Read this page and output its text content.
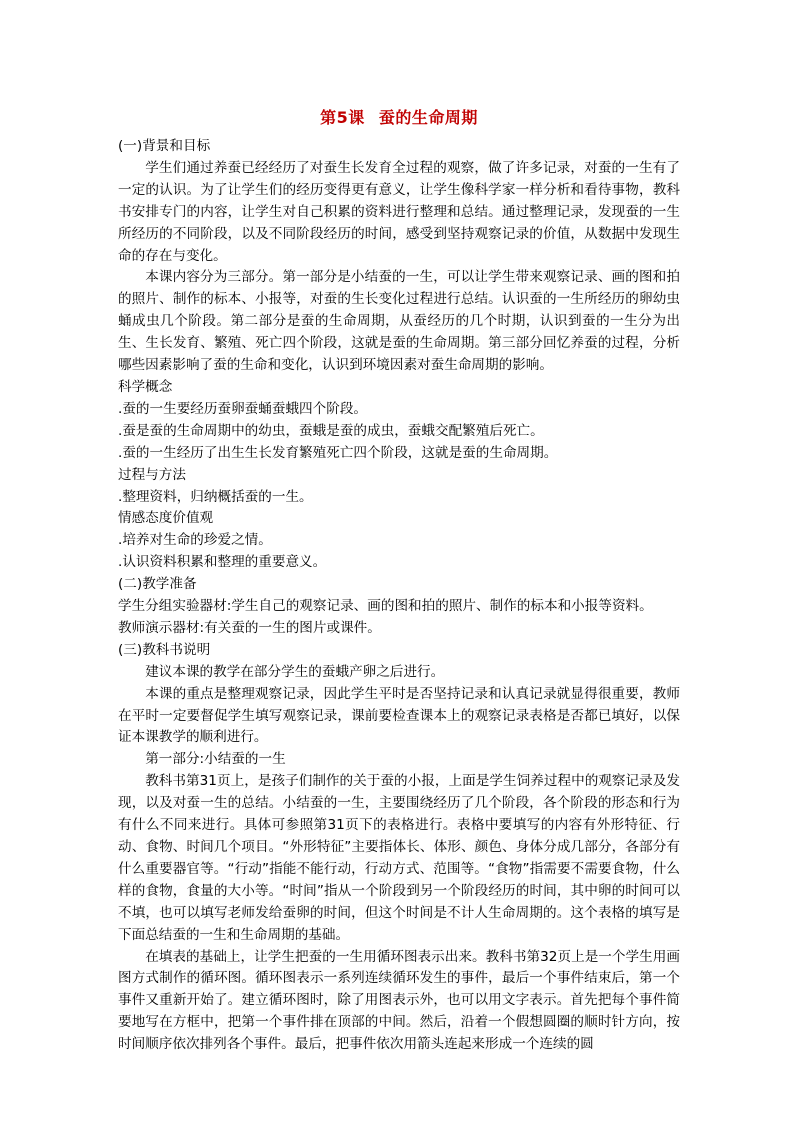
第5课 蚕的生命周期

(一)背景和目标

学生们通过养蚕已经经历了对蚕生长发育全过程的观察，做了许多记录，对蚕的一生有了一定的认识。为了让学生们的经历变得更有意义，让学生像科学家一样分析和看待事物，教科书安排专门的内容，让学生对自己积累的资料进行整理和总结。通过整理记录，发现蚕的一生所经历的不同阶段，以及不同阶段经历的时间，感受到坚持观察记录的价值，从数据中发现生命的存在与变化。

本课内容分为三部分。第一部分是小结蚕的一生，可以让学生带来观察记录、画的图和拍的照片、制作的标本、小报等，对蚕的生长变化过程进行总结。认识蚕的一生所经历的卵幼虫蛹成虫几个阶段。第二部分是蚕的生命周期，从蚕经历的几个时期，认识到蚕的一生分为出生、生长发育、繁殖、死亡四个阶段，这就是蚕的生命周期。第三部分回忆养蚕的过程，分析哪些因素影响了蚕的生命和变化，认识到环境因素对蚕生命周期的影响。

科学概念

.蚕的一生要经历蚕卵蚕蛹蚕蛾四个阶段。

.蚕是蚕的生命周期中的幼虫，蚕蛾是蚕的成虫，蚕蛾交配繁殖后死亡。

.蚕的一生经历了出生生长发育繁殖死亡四个阶段，这就是蚕的生命周期。

过程与方法

.整理资料，归纳概括蚕的一生。

情感态度价值观

.培养对生命的珍爱之情。

.认识资料积累和整理的重要意义。

(二)教学准备

学生分组实验器材:学生自己的观察记录、画的图和拍的照片、制作的标本和小报等资料。

教师演示器材:有关蚕的一生的图片或课件。

(三)教科书说明

建议本课的教学在部分学生的蚕蛾产卵之后进行。

本课的重点是整理观察记录，因此学生平时是否坚持记录和认真记录就显得很重要，教师在平时一定要督促学生填写观察记录，课前要检查课本上的观察记录表格是否都已填好，以保证本课教学的顺利进行。

第一部分:小结蚕的一生

教科书第31页上，是孩子们制作的关于蚕的小报，上面是学生饲养过程中的观察记录及发现，以及对蚕一生的总结。小结蚕的一生，主要围绕经历了几个阶段，各个阶段的形态和行为有什么不同来进行。具体可参照第31页下的表格进行。表格中要填写的内容有外形特征、行动、食物、时间几个项目。“外形特征”主要指体长、体形、颜色、身体分成几部分，各部分有什么重要器官等。“行动”指能不能行动，行动方式、范围等。“食物”指需要不需要食物，什么样的食物，食量的大小等。“时间”指从一个阶段到另一个阶段经历的时间，其中卵的时间可以不填，也可以填写老师发给蚕卵的时间，但这个时间是不计人生命周期的。这个表格的填写是下面总结蚕的一生和生命周期的基础。

在填表的基础上，让学生把蚕的一生用循环图表示出来。教科书第32页上是一个学生用画图方式制作的循环图。循环图表示一系列连续循环发生的事件，最后一个事件结束后，第一个事件又重新开始了。建立循环图时，除了用图表示外，也可以用文字表示。首先把每个事件简要地写在方框中，把第一个事件排在顶部的中间。然后，沿着一个假想圆圈的顺时针方向，按时间顺序依次排列各个事件。最后，把事件依次用箭头连起来形成一个连续的圆
